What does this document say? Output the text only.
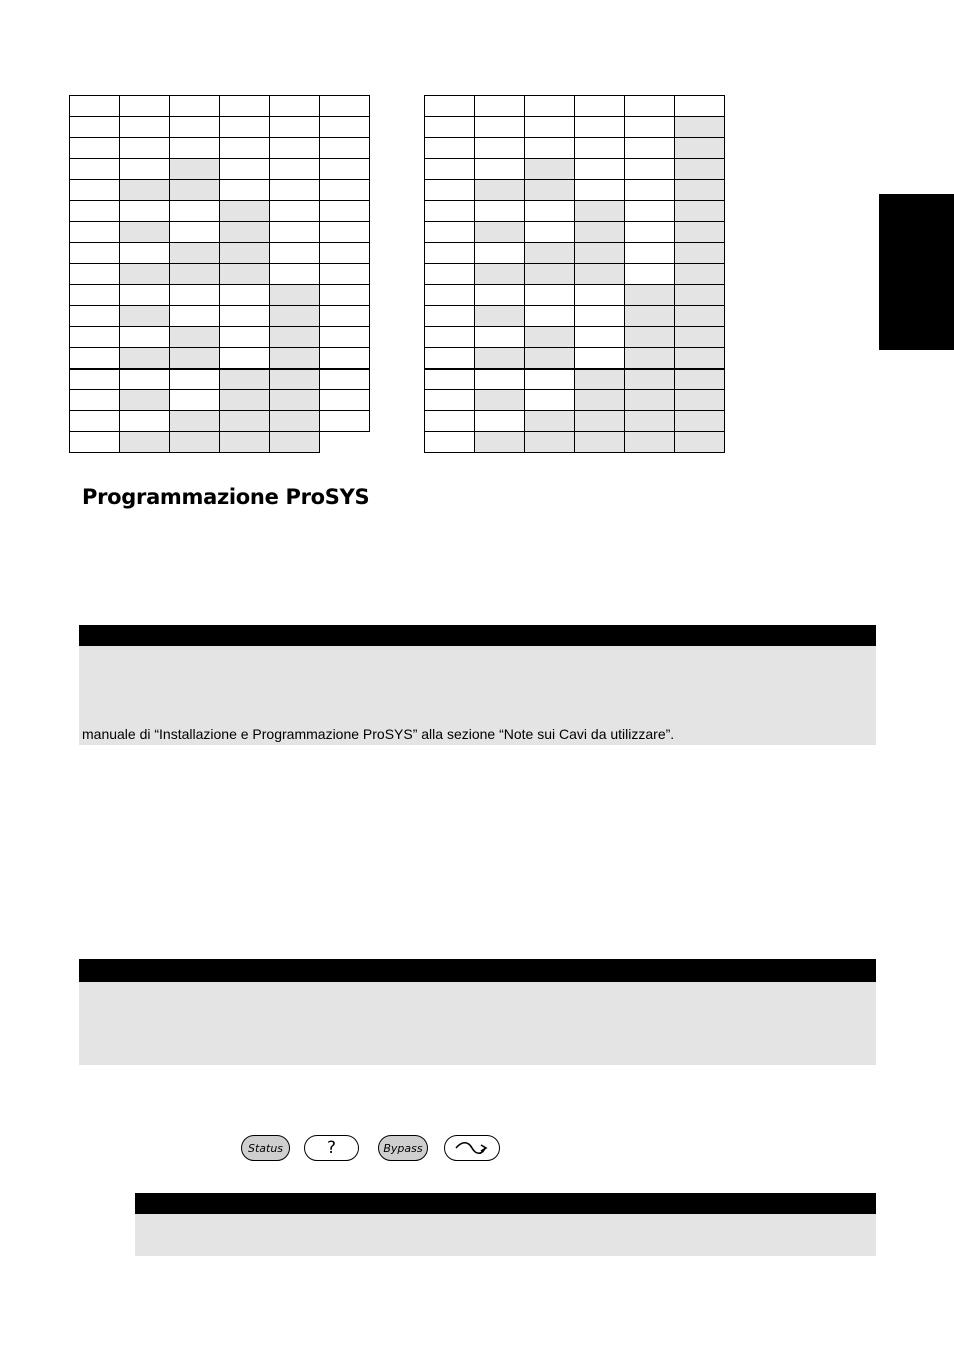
Programmazione ProSYS

manuale di “Installazione e Programmazione ProSYS” alla sezione “Note sui Cavi da utilizzare”.

Status	?	Bypass
